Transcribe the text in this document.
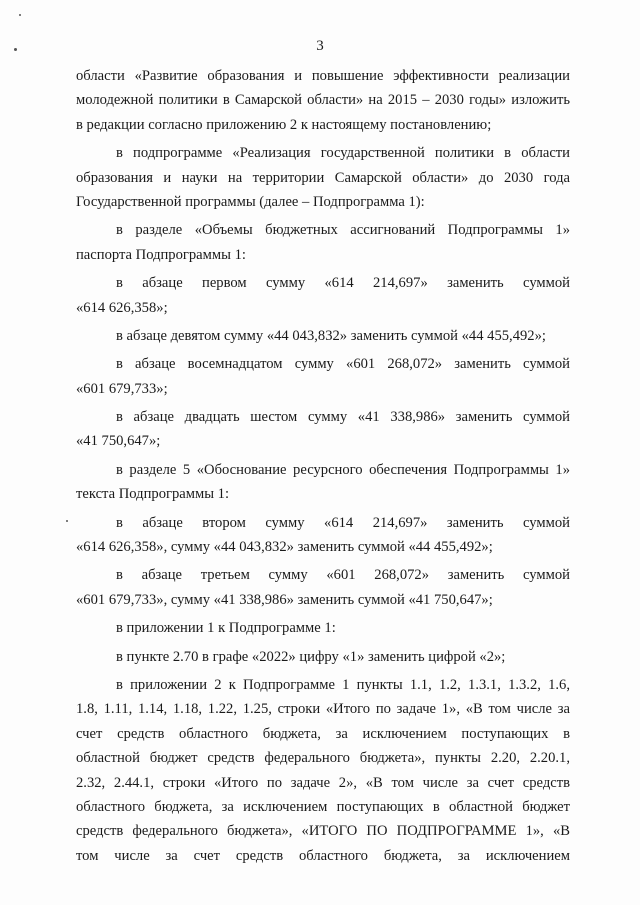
3
области «Развитие образования и повышение эффективности реализации
молодежной политики в Самарской области» на 2015 – 2030 годы» изложить
в редакции согласно приложению 2 к настоящему постановлению;
в подпрограмме «Реализация государственной политики в области
образования и науки на территории Самарской области» до 2030 года
Государственной программы (далее – Подпрограмма 1):
в разделе «Объемы бюджетных ассигнований Подпрограммы 1»
паспорта Подпрограммы 1:
в абзаце первом сумму «614 214,697» заменить суммой
«614 626,358»;
в абзаце девятом сумму «44 043,832» заменить суммой «44 455,492»;
в абзаце восемнадцатом сумму «601 268,072» заменить суммой
«601 679,733»;
в абзаце двадцать шестом сумму «41 338,986» заменить суммой
«41 750,647»;
в разделе 5 «Обоснование ресурсного обеспечения Подпрограммы 1»
текста Подпрограммы 1:
в абзаце втором сумму «614 214,697» заменить суммой
«614 626,358», сумму «44 043,832» заменить суммой «44 455,492»;
в абзаце третьем сумму «601 268,072» заменить суммой
«601 679,733», сумму «41 338,986» заменить суммой «41 750,647»;
в приложении 1 к Подпрограмме 1:
в пункте 2.70 в графе «2022» цифру «1» заменить цифрой «2»;
в приложении 2 к Подпрограмме 1 пункты 1.1, 1.2, 1.3.1, 1.3.2, 1.6,
1.8, 1.11, 1.14, 1.18, 1.22, 1.25, строки «Итого по задаче 1», «В том числе за
счет средств областного бюджета, за исключением поступающих в
областной бюджет средств федерального бюджета», пункты 2.20, 2.20.1,
2.32, 2.44.1, строки «Итого по задаче 2», «В том числе за счет средств
областного бюджета, за исключением поступающих в областной бюджет
средств федерального бюджета», «ИТОГО ПО ПОДПРОГРАММЕ 1», «В
том числе за счет средств областного бюджета, за исключением
